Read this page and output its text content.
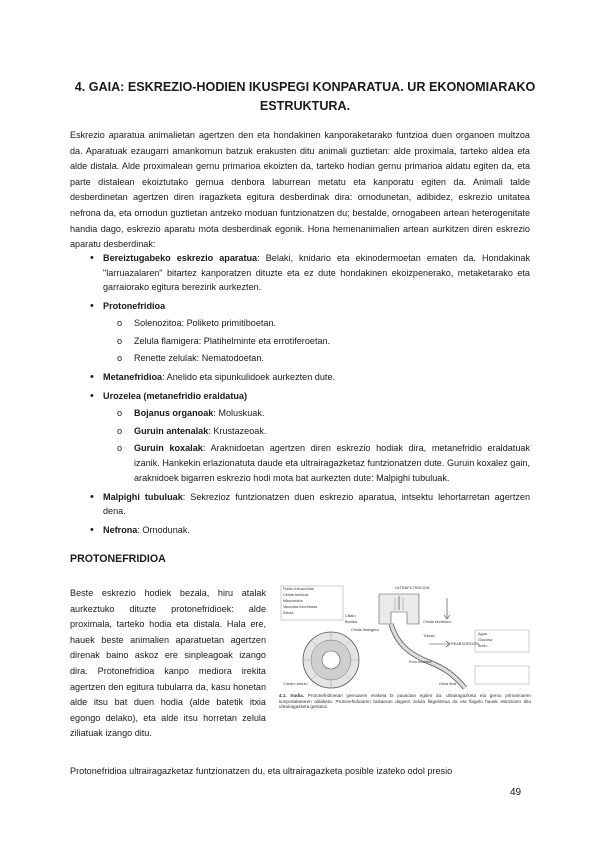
4. GAIA: ESKREZIO-HODIEN IKUSPEGI KONPARATUA. UR EKONOMIARAKO ESTRUKTURA.

Eskrezio aparatua animalietan agertzen den eta hondakinen kanporaketarako funtzioa duen organoen multzoa da. Aparatuak ezaugarri amankomun batzuk erakusten ditu animali guztietan: alde proximala, tarteko aldea eta alde distala. Alde proximalean gernu primarioa ekoizten da, tarteko hodian gernu primarioa aldatu egiten da, eta parte distalean ekoiztutako gernua denbora laburrean metatu eta kanporatu egiten da. Animali talde desberdinetan agertzen diren iragazketa egitura desberdinak dira: ornodunetan, adibidez, eskrezio unitatea nefrona da, eta ornodun guztietan antzeko moduan funtzionatzen du; bestalde, ornogabeen artean heterogenitate handia dago, eskrezio aparatu mota desberdinak egonik. Hona hemenanimalien artean aurkitzen diren eskrezio aparatu desberdinak:

• Bereiztugabeko eskrezio aparatua: Belaki, knidario eta ekinodermoetan ematen da. Hondakinak "larruazalaren" bitartez kanporatzen dituzte eta ez dute hondakinen ekoizpenerako, metaketarako eta garraiorako egitura berezirik aurkezten.
• Protonefridioa
o Solenozitoa: Poliketo primitiboetan.
o Zelula flamigera: Platihelminte eta errotiferoetan.
o Renette zelulak: Nematodoetan.
• Metanefridioa: Anelido eta sipunkulidoek aurkezten dute.
• Urozelea (metanefridio eraldatua)
o Bojanus organoak: Moluskuak.
o Guruin antenalak: Krustazeoak.
o Guruin koxalak: Araknidoetan agertzen diren eskrezio hodiak dira, metanefridio eraldatuak izanik. Hankekin erlazionatuta daude eta ultrairagazketaz funtzionatzen dute. Guruin koxalez gain, araknidoek bigarren eskrezio hodi mota bat aurkezten dute: Malpighi tubuluak.
• Malpighi tubuluak: Sekrezioz funtzionatzen duen eskrezio aparatua, intsektu lehortarretan agertzen dena.
• Nefrona: Ornodunak.
PROTONEFRIDIOA

Beste eskrezio hodiek bezala, hiru atalak aurkeztuko dituzte protonefridioek: alde proximala, tarteko hodia eta distala. Hala ere, hauek beste animalien aparatuetan agertzen direnak baino askoz ere sinpleagoak izango dira. Protonefridioa kanpo mediora irekita agertzen den egitura tubularra da, kasu honetan alde itsu bat duen hodia (alde batetik itxia egongo delako), eta alde itsu horretan zelula ziliatuak izango ditu.

Fluido extracelular	ULTRAFILTRACION
Célula secretora
Ciliatu
Bomba
Poro excretor
Célula terminal
Célula flamígera
Túbulo
Cuerpo sáculo
Mitocondria
Vacuolas excretoras
Zelula
REABSORCIÓN
Orina final
Agua
Glucosa
Amin.

4.1. Irudia. Protonefridioetan gernuaren eraketa bi pausotan egiten da: ultrairagazketa eta gernu primarioaren konposaketaren aldaketa. Protonefridioaren bukaeran dagoen zelula flagelotsua da eta flagelo hauek eskrizioen ditu ultrairagazketa gertatuz.

Protonefridioa ultrairagazketaz funtzionatzen du, eta ultrairagazketa posible izateko odol presio

49
